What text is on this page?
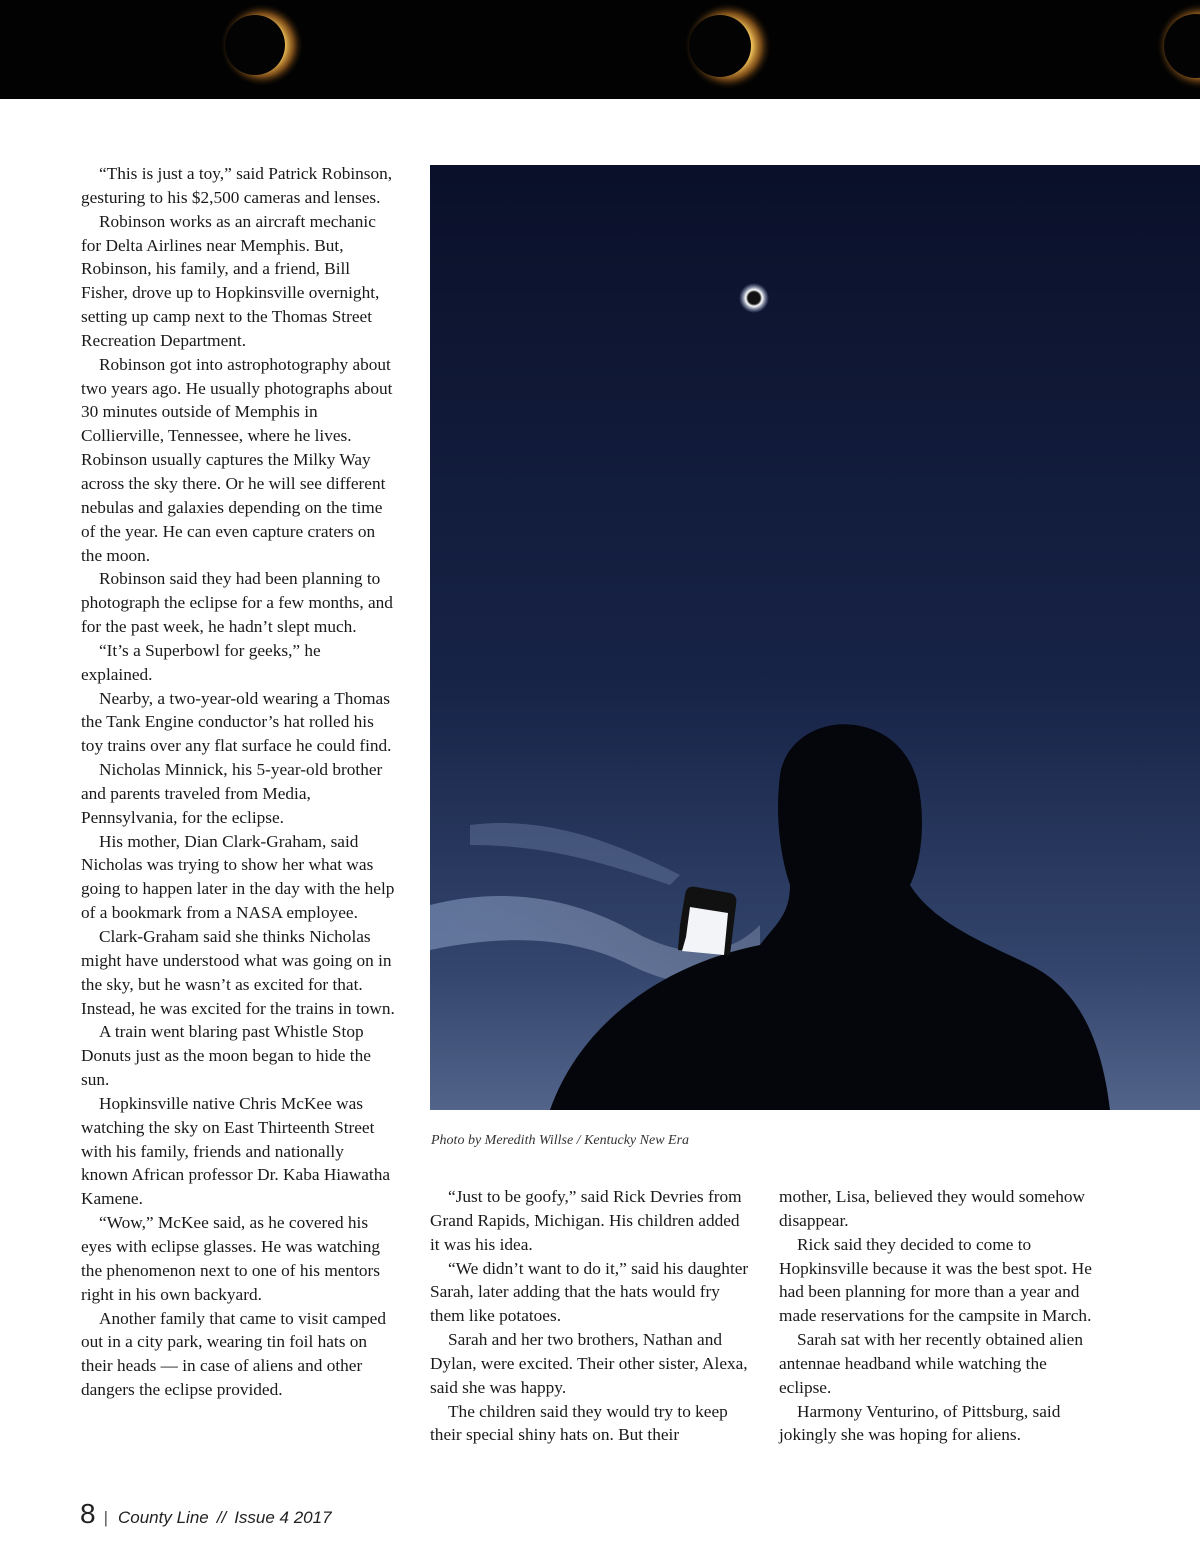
“This is just a toy,” said Patrick Robinson, gesturing to his $2,500 cameras and lenses.

Robinson works as an aircraft mechanic for Delta Airlines near Memphis. But, Robinson, his family, and a friend, Bill Fisher, drove up to Hopkinsville overnight, setting up camp next to the Thomas Street Recreation Department.

Robinson got into astrophotography about two years ago. He usually photographs about 30 minutes outside of Memphis in Collierville, Tennessee, where he lives. Robinson usually captures the Milky Way across the sky there. Or he will see different nebulas and galaxies depending on the time of the year. He can even capture craters on the moon.

Robinson said they had been planning to photograph the eclipse for a few months, and for the past week, he hadn’t slept much.

“It’s a Superbowl for geeks,” he explained.

Nearby, a two-year-old wearing a Thomas the Tank Engine conductor’s hat rolled his toy trains over any flat surface he could find.

Nicholas Minnick, his 5-year-old brother and parents traveled from Media, Pennsylvania, for the eclipse.

His mother, Dian Clark-Graham, said Nicholas was trying to show her what was going to happen later in the day with the help of a bookmark from a NASA employee.

Clark-Graham said she thinks Nicholas might have understood what was going on in the sky, but he wasn’t as excited for that. Instead, he was excited for the trains in town.

A train went blaring past Whistle Stop Donuts just as the moon began to hide the sun.

Hopkinsville native Chris McKee was watching the sky on East Thirteenth Street with his family, friends and nationally known African professor Dr. Kaba Hiawatha Kamene.

“Wow,” McKee said, as he covered his eyes with eclipse glasses. He was watching the phenomenon next to one of his mentors right in his own backyard.

Another family that came to visit camped out in a city park, wearing tin foil hats on their heads — in case of aliens and other dangers the eclipse provided.

Photo by Meredith Willse / Kentucky New Era

“Just to be goofy,” said Rick Devries from Grand Rapids, Michigan. His children added it was his idea.

“We didn’t want to do it,” said his daughter Sarah, later adding that the hats would fry them like potatoes.

Sarah and her two brothers, Nathan and Dylan, were excited. Their other sister, Alexa, said she was happy.

The children said they would try to keep their special shiny hats on. But their

mother, Lisa, believed they would somehow disappear.

Rick said they decided to come to Hopkinsville because it was the best spot. He had been planning for more than a year and made reservations for the campsite in March.

Sarah sat with her recently obtained alien antennae headband while watching the eclipse.

Harmony Venturino, of Pittsburg, said jokingly she was hoping for aliens.

8 | County Line // Issue 4 2017
